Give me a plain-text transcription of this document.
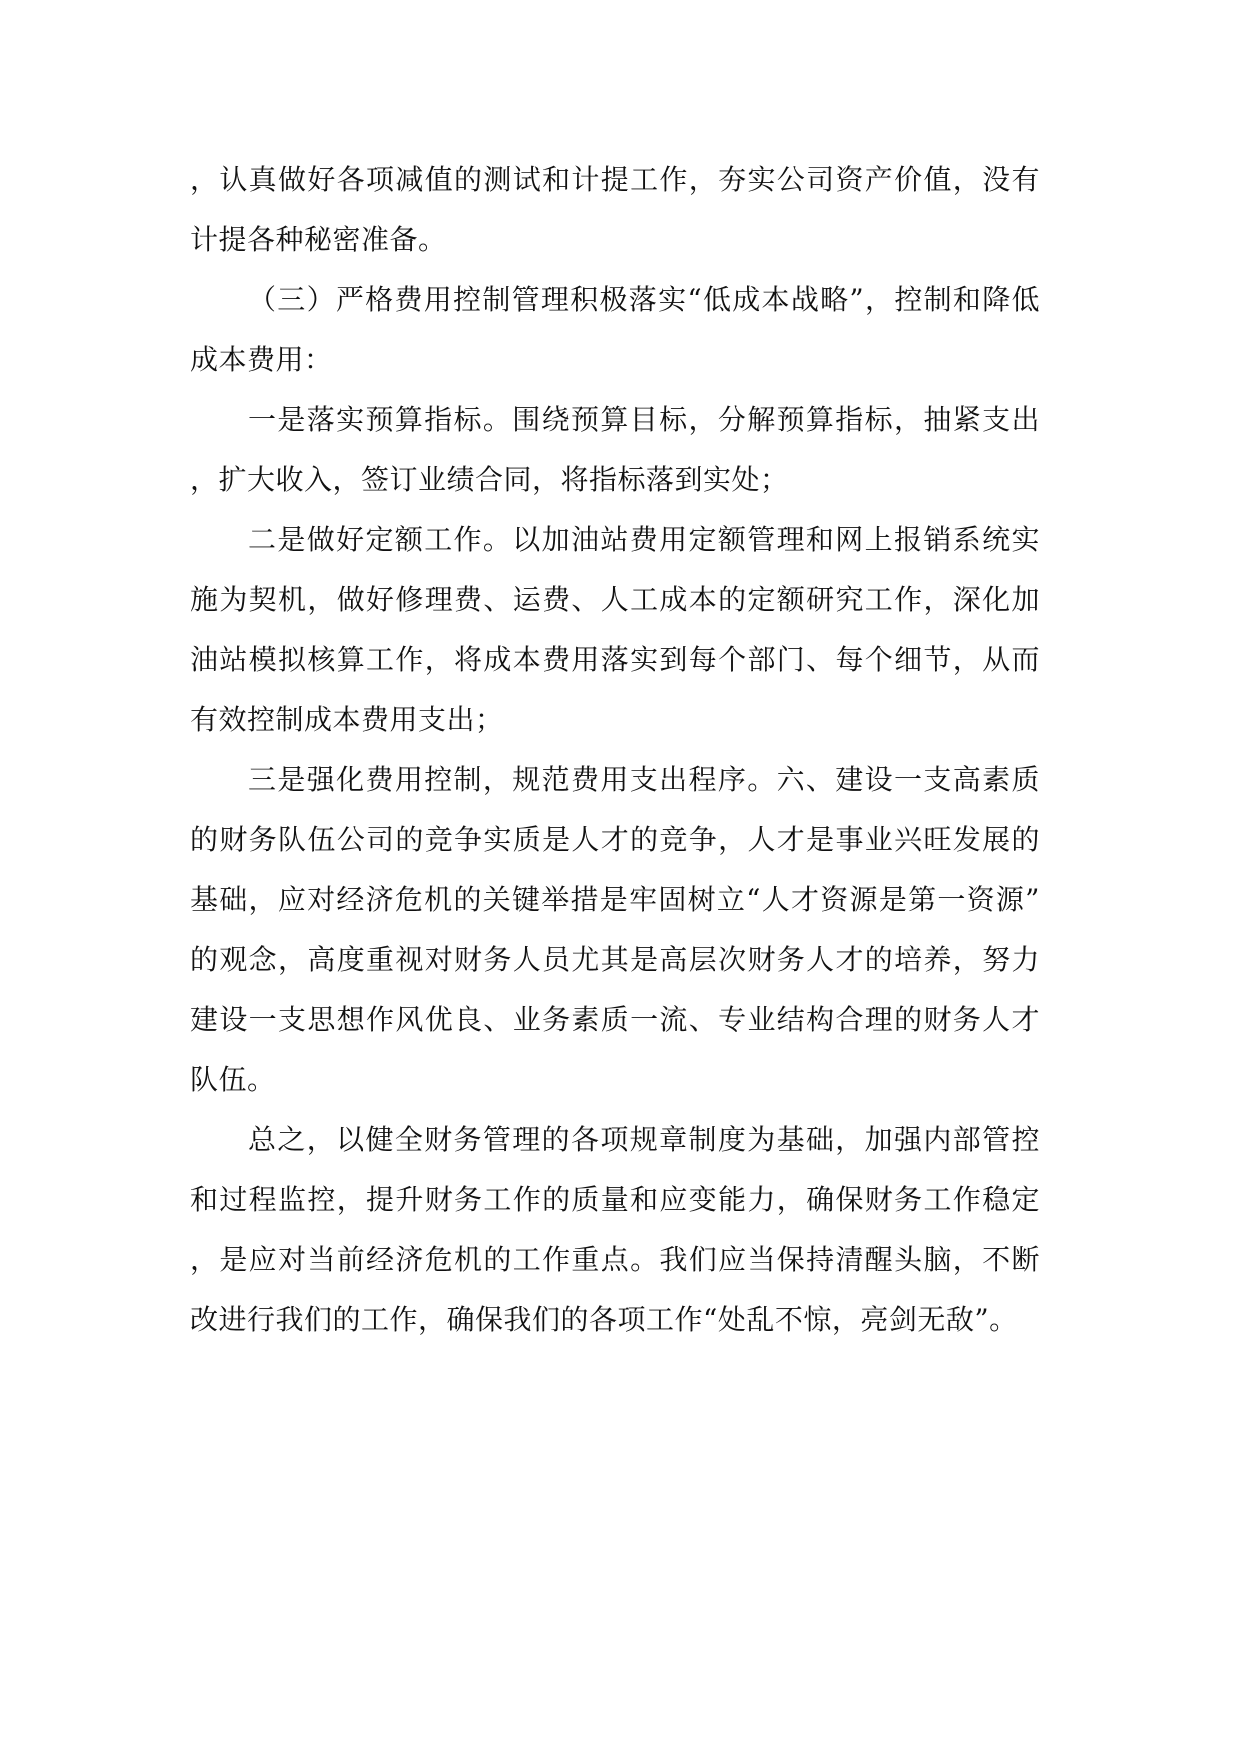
，认真做好各项减值的测试和计提工作，夯实公司资产价值，没有
计提各种秘密准备。
（三）严格费用控制管理积极落实“低成本战略”，控制和降低
成本费用：
一是落实预算指标。围绕预算目标，分解预算指标，抽紧支出
，扩大收入，签订业绩合同，将指标落到实处；
二是做好定额工作。以加油站费用定额管理和网上报销系统实
施为契机，做好修理费、运费、人工成本的定额研究工作，深化加
油站模拟核算工作，将成本费用落实到每个部门、每个细节，从而
有效控制成本费用支出；
三是强化费用控制，规范费用支出程序。六、建设一支高素质
的财务队伍公司的竞争实质是人才的竞争，人才是事业兴旺发展的
基础，应对经济危机的关键举措是牢固树立“人才资源是第一资源”
的观念，高度重视对财务人员尤其是高层次财务人才的培养，努力
建设一支思想作风优良、业务素质一流、专业结构合理的财务人才
队伍。
总之，以健全财务管理的各项规章制度为基础，加强内部管控
和过程监控，提升财务工作的质量和应变能力，确保财务工作稳定
，是应对当前经济危机的工作重点。我们应当保持清醒头脑，不断
改进行我们的工作，确保我们的各项工作“处乱不惊，亮剑无敌”。
